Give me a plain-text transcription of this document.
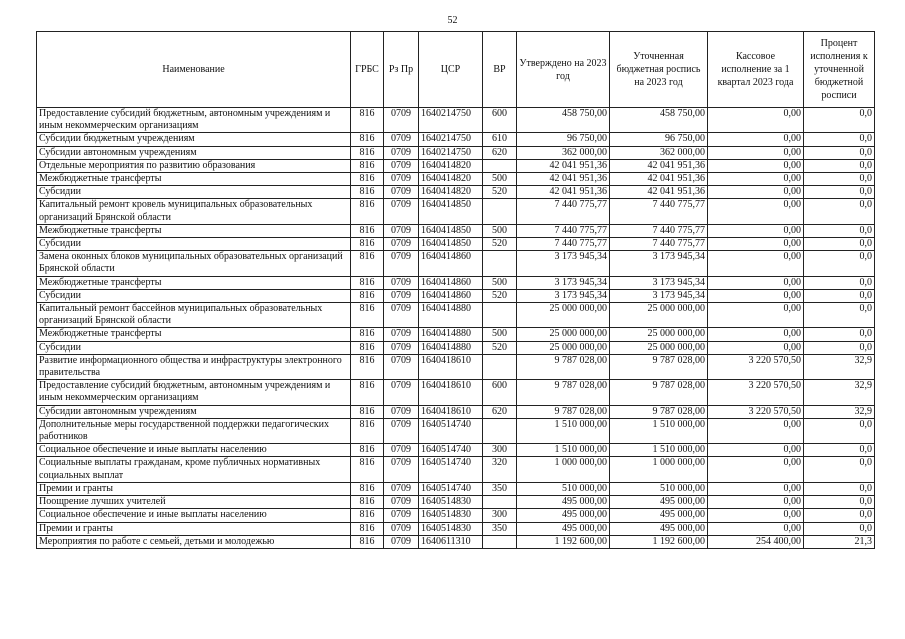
52
Наименование	ГРБС	Рз Пр	ЦСР	ВР	Утверждено на 2023 год	Уточненная бюджетная роспись на 2023 год	Кассовое исполнение за 1 квартал 2023 года	Процент исполнения к уточненной бюджетной росписи
Предоставление субсидий бюджетным, автономным учреждениям и иным некоммерческим организациям	816	0709	1640214750	600	458 750,00	458 750,00	0,00	0,0
Субсидии бюджетным учреждениям	816	0709	1640214750	610	96 750,00	96 750,00	0,00	0,0
Субсидии автономным учреждениям	816	0709	1640214750	620	362 000,00	362 000,00	0,00	0,0
Отдельные мероприятия по развитию образования	816	0709	1640414820		42 041 951,36	42 041 951,36	0,00	0,0
Межбюджетные трансферты	816	0709	1640414820	500	42 041 951,36	42 041 951,36	0,00	0,0
Субсидии	816	0709	1640414820	520	42 041 951,36	42 041 951,36	0,00	0,0
Капитальный ремонт кровель муниципальных образовательных организаций Брянской области	816	0709	1640414850		7 440 775,77	7 440 775,77	0,00	0,0
Межбюджетные трансферты	816	0709	1640414850	500	7 440 775,77	7 440 775,77	0,00	0,0
Субсидии	816	0709	1640414850	520	7 440 775,77	7 440 775,77	0,00	0,0
Замена оконных блоков муниципальных образовательных организаций Брянской области	816	0709	1640414860		3 173 945,34	3 173 945,34	0,00	0,0
Межбюджетные трансферты	816	0709	1640414860	500	3 173 945,34	3 173 945,34	0,00	0,0
Субсидии	816	0709	1640414860	520	3 173 945,34	3 173 945,34	0,00	0,0
Капитальный ремонт бассейнов муниципальных образовательных организаций Брянской области	816	0709	1640414880		25 000 000,00	25 000 000,00	0,00	0,0
Межбюджетные трансферты	816	0709	1640414880	500	25 000 000,00	25 000 000,00	0,00	0,0
Субсидии	816	0709	1640414880	520	25 000 000,00	25 000 000,00	0,00	0,0
Развитие информационного общества и инфраструктуры электронного правительства	816	0709	1640418610		9 787 028,00	9 787 028,00	3 220 570,50	32,9
Предоставление субсидий бюджетным, автономным учреждениям и иным некоммерческим организациям	816	0709	1640418610	600	9 787 028,00	9 787 028,00	3 220 570,50	32,9
Субсидии автономным учреждениям	816	0709	1640418610	620	9 787 028,00	9 787 028,00	3 220 570,50	32,9
Дополнительные меры государственной поддержки педагогических работников	816	0709	1640514740		1 510 000,00	1 510 000,00	0,00	0,0
Социальное обеспечение и иные выплаты населению	816	0709	1640514740	300	1 510 000,00	1 510 000,00	0,00	0,0
Социальные выплаты гражданам, кроме публичных нормативных социальных выплат	816	0709	1640514740	320	1 000 000,00	1 000 000,00	0,00	0,0
Премии и гранты	816	0709	1640514740	350	510 000,00	510 000,00	0,00	0,0
Поощрение лучших учителей	816	0709	1640514830		495 000,00	495 000,00	0,00	0,0
Социальное обеспечение и иные выплаты населению	816	0709	1640514830	300	495 000,00	495 000,00	0,00	0,0
Премии и гранты	816	0709	1640514830	350	495 000,00	495 000,00	0,00	0,0
Мероприятия по работе с семьей, детьми и молодежью	816	0709	1640611310		1 192 600,00	1 192 600,00	254 400,00	21,3
